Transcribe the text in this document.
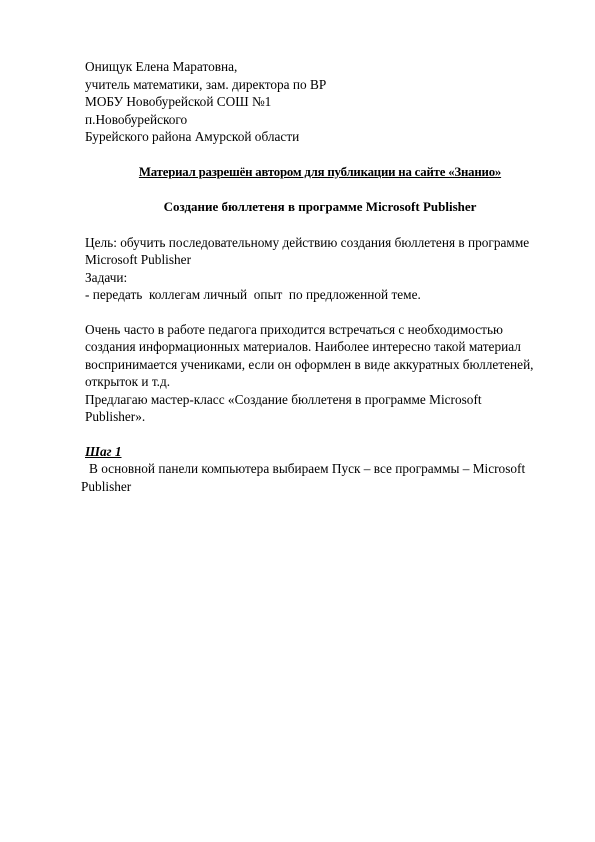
Онищук Елена Маратовна,
учитель математики, зам. директора по ВР
МОБУ Новобурейской СОШ №1
п.Новобурейского
Бурейского района Амурской области
Материал разрешён автором для публикации на сайте «Знанио»
Создание бюллетеня в программе Microsoft Publisher
Цель: обучить последовательному действию создания бюллетеня в программе
Microsoft Publisher
Задачи:
- передать  коллегам личный  опыт  по предложенной теме.
Очень часто в работе педагога приходится встречаться с необходимостью
создания информационных материалов. Наиболее интересно такой материал
воспринимается учениками, если он оформлен в виде аккуратных бюллетеней,
открыток и т.д.
Предлагаю мастер-класс «Создание бюллетеня в программе Microsoft
Publisher».
Шаг 1
В основной панели компьютера выбираем Пуск – все программы – Microsoft
Publisher
